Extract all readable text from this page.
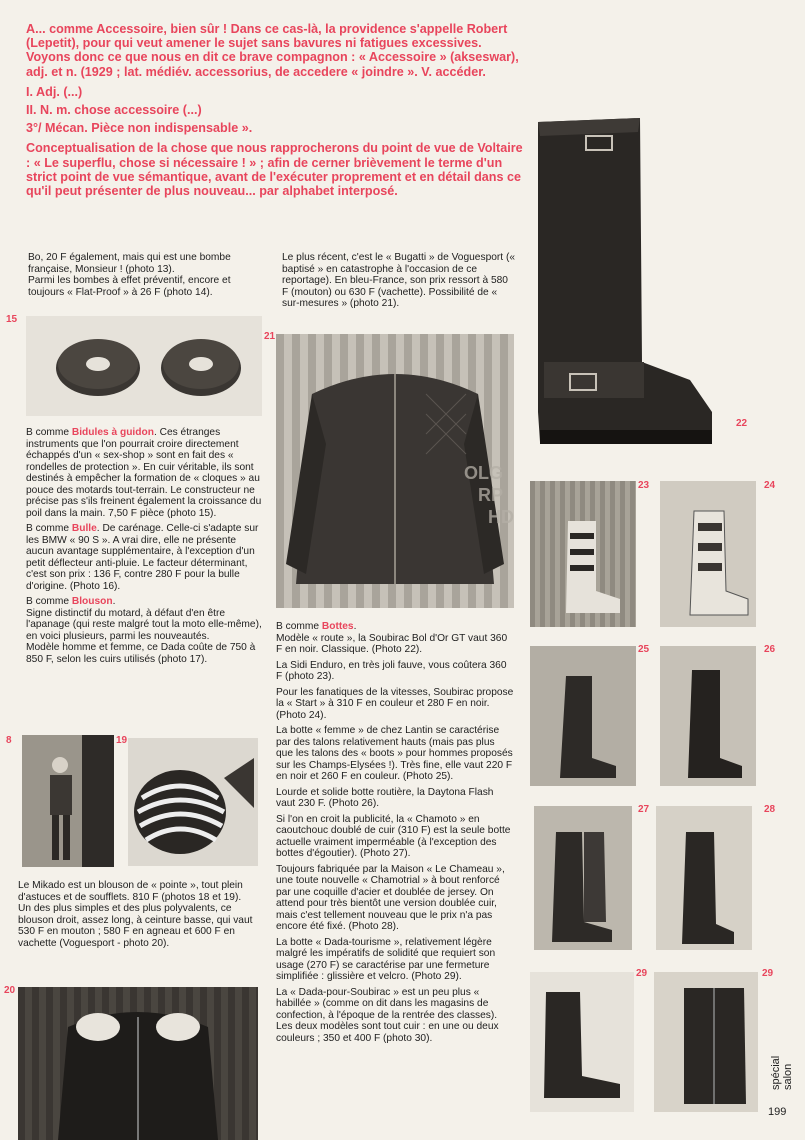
A... comme Accessoire, bien sûr ! Dans ce cas-là, la providence s'appelle Robert (Lepetit), pour qui veut amener le sujet sans bavures ni fatigues excessives. Voyons donc ce que nous en dit ce brave compagnon : « Accessoire » (akseswar), adj. et n. (1929 ; lat. médiév. accessorius, de accedere « joindre ». V. accéder.

I. Adj. (...)

II. N. m. chose accessoire (...)

3°/ Mécan. Pièce non indispensable ».

Conceptualisation de la chose que nous rapprocherons du point de vue de Voltaire : « Le superflu, chose si nécessaire ! » ; afin de cerner brièvement le terme d'un strict point de vue sémantique, avant de l'exécuter proprement et en détail dans ce qu'il peut présenter de plus nouveau... par alphabet interposé.

Bo, 20 F également, mais qui est une bombe française, Monsieur ! (photo 13).

Parmi les bombes à effet préventif, encore et toujours « Flat-Proof » à 26 F (photo 14).

15

B comme Bidules à guidon. Ces étranges instruments que l'on pourrait croire directement échappés d'un « sex-shop » sont en fait des « rondelles de protection ». En cuir véritable, ils sont destinés à empêcher la formation de « cloques » au pouce des motards tout-terrain. Le constructeur ne précise pas s'ils freinent également la croissance du poil dans la main. 7,50 F pièce (photo 15).

B comme Bulle. De carénage. Celle-ci s'adapte sur les BMW « 90 S ». A vrai dire, elle ne présente aucun avantage supplémentaire, à l'exception d'un petit déflecteur anti-pluie. Le facteur déterminant, c'est son prix : 136 F, contre 280 F pour la bulle d'origine. (Photo 16).

B comme Blouson.

Signe distinctif du motard, à défaut d'en être l'apanage (qui reste malgré tout la moto elle-même), en voici plusieurs, parmi les nouveautés.

Modèle homme et femme, ce Dada coûte de 750 à 850 F, selon les cuirs utilisés (photo 17).

8	19

Le Mikado est un blouson de « pointe », tout plein d'astuces et de soufflets. 810 F (photos 18 et 19).

Un des plus simples et des plus polyvalents, ce blouson droit, assez long, à ceinture basse, qui vaut 530 F en mouton ; 580 F en agneau et 600 F en vachette (Voguesport - photo 20).

20

Le plus récent, c'est le « Bugatti » de Voguesport (« baptisé » en catastrophe à l'occasion de ce reportage). En bleu-France, son prix ressort à 580 F (mouton) ou 630 F (vachette). Possibilité de « sur-mesures » (photo 21).

21
OLG
RP
HD

B comme Bottes.

Modèle « route », la Soubirac Bol d'Or GT vaut 360 F en noir. Classique. (Photo 22).

La Sidi Enduro, en très joli fauve, vous coûtera 360 F (photo 23).

Pour les fanatiques de la vitesses, Soubirac propose la « Start » à 310 F en couleur et 280 F en noir. (Photo 24).

La botte « femme » de chez Lantin se caractérise par des talons relativement hauts (mais pas plus que les talons des « boots » pour hommes proposés sur les Champs-Elysées !). Très fine, elle vaut 220 F en noir et 260 F en couleur. (Photo 25).

Lourde et solide botte routière, la Daytona Flash vaut 230 F. (Photo 26).

Si l'on en croit la publicité, la « Chamoto » en caoutchouc doublé de cuir (310 F) est la seule botte actuelle vraiment imperméable (à l'exception des bottes d'égoutier). (Photo 27).

Toujours fabriquée par la Maison « Le Chameau », une toute nouvelle « Chamotrial » à bout renforcé par une coquille d'acier et doublée de jersey. On attend pour très bientôt une version doublée cuir, mais c'est tellement nouveau que le prix n'a pas encore été fixé. (Photo 28).

La botte « Dada-tourisme », relativement légère malgré les impératifs de solidité que requiert son usage (270 F) se caractérise par une fermeture simplifiée : glissière et velcro. (Photo 29).

La « Dada-pour-Soubirac » est un peu plus « habillée » (comme on dit dans les magasins de confection, à l'époque de la rentrée des classes). Les deux modèles sont tout cuir : en une ou deux couleurs ; 350 et 400 F (photo 30).

22
23	24
25	26
27	28
29	29
spécial salon
199
